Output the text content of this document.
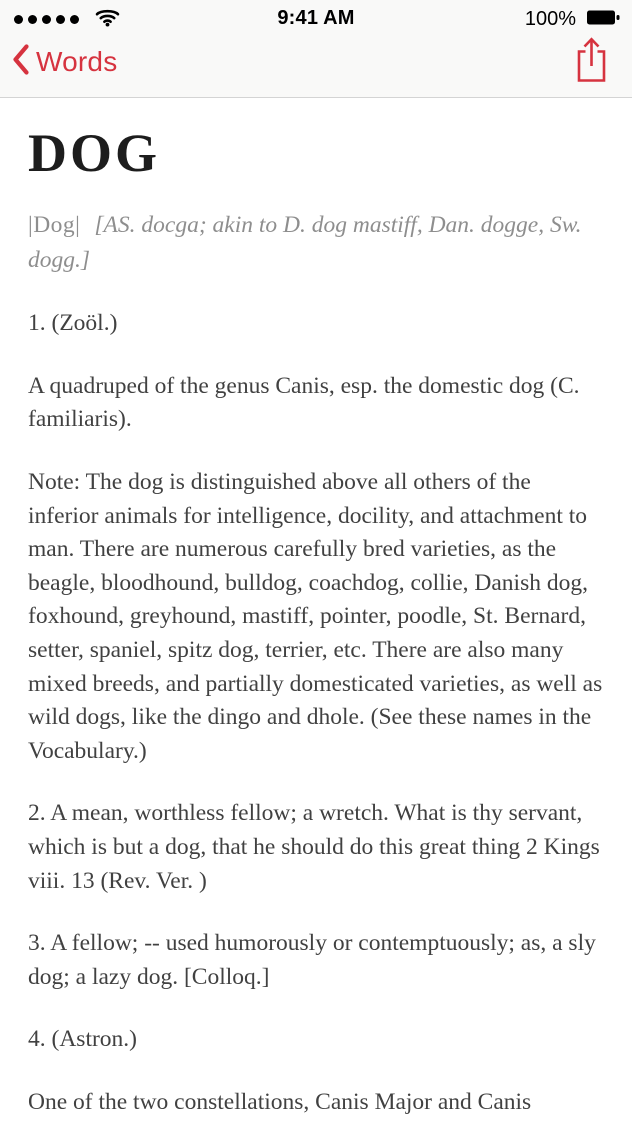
9:41 AM	100%
Words
DOG

|Dog| [AS. docga; akin to D. dog mastiff, Dan. dogge, Sw. dogg.]

1. (Zoöl.)

A quadruped of the genus Canis, esp. the domestic dog (C. familiaris).

Note: The dog is distinguished above all others of the inferior animals for intelligence, docility, and attachment to man. There are numerous carefully bred varieties, as the beagle, bloodhound, bulldog, coachdog, collie, Danish dog, foxhound, greyhound, mastiff, pointer, poodle, St. Bernard, setter, spaniel, spitz dog, terrier, etc. There are also many mixed breeds, and partially domesticated varieties, as well as wild dogs, like the dingo and dhole. (See these names in the Vocabulary.)

2. A mean, worthless fellow; a wretch. What is thy servant, which is but a dog, that he should do this great thing 2 Kings viii. 13 (Rev. Ver. )

3. A fellow; -- used humorously or contemptuously; as, a sly dog; a lazy dog. [Colloq.]

4. (Astron.)

One of the two constellations, Canis Major and Canis
